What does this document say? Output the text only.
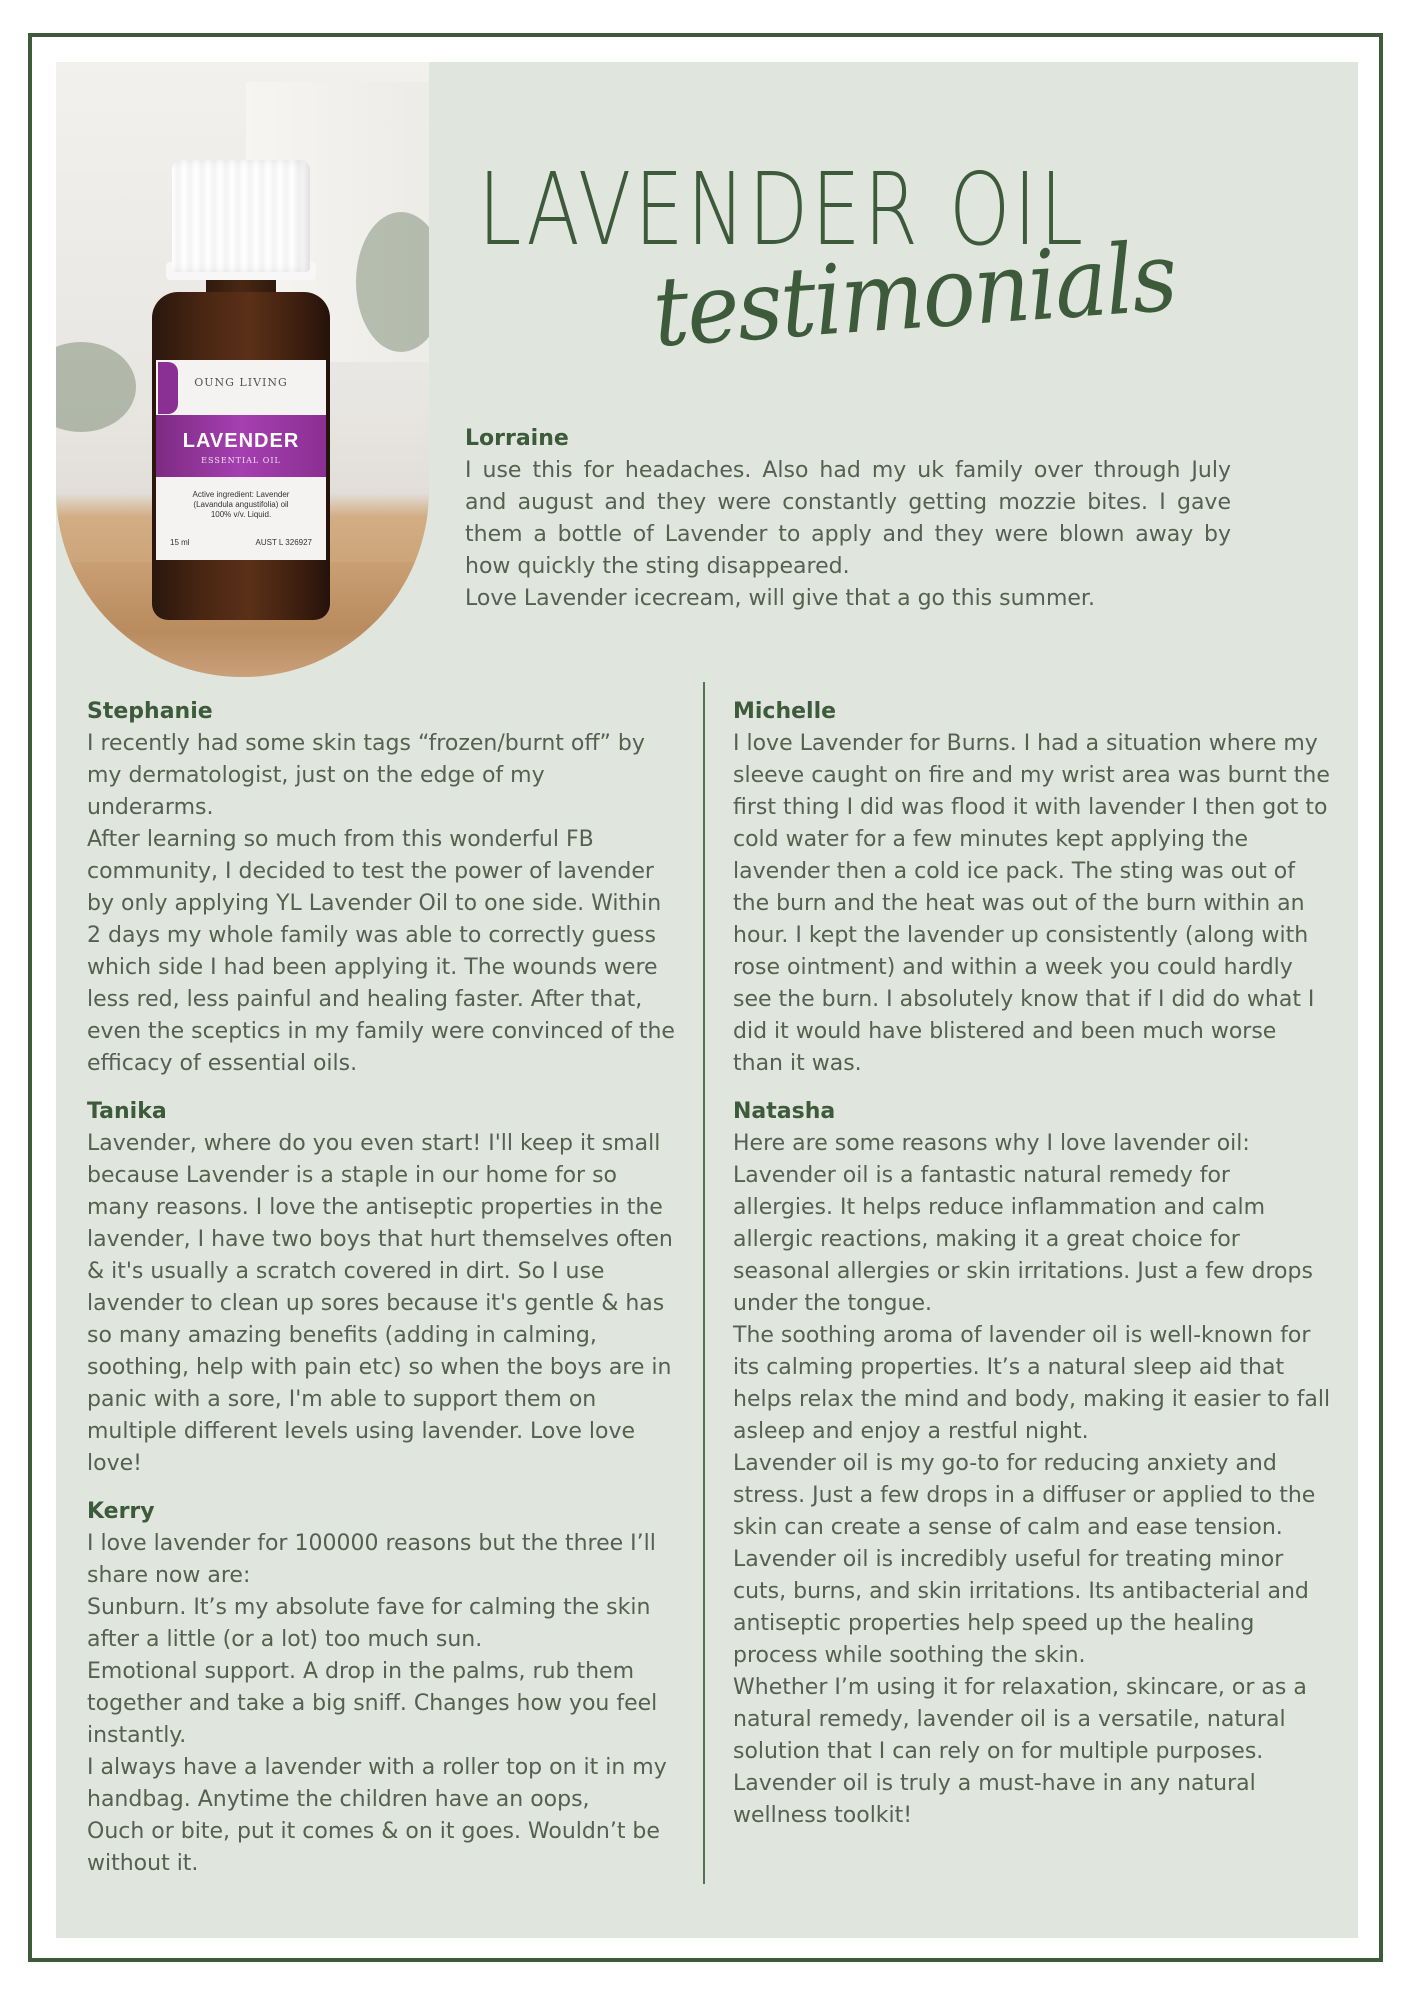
OUNG LIVING
LAVENDER
ESSENTIAL OIL
Active ingredient: Lavender
(Lavandula angustifolia) oil
100% v/v. Liquid.
15 ml	AUST L 326927
LAVENDER OIL
testimonials
Lorraine

I use this for headaches. Also had my uk family over through July and august and they were constantly getting mozzie bites. I gave them a bottle of Lavender to apply and they were blown away by how quickly the sting disappeared.

Love Lavender icecream, will give that a go this summer.

Stephanie

I recently had some skin tags “frozen/burnt off” by my dermatologist, just on the edge of my underarms.

After learning so much from this wonderful FB community, I decided to test the power of lavender by only applying YL Lavender Oil to one side. Within 2 days my whole family was able to correctly guess which side I had been applying it. The wounds were less red, less painful and healing faster. After that, even the sceptics in my family were convinced of the efficacy of essential oils.

Tanika

Lavender, where do you even start! I'll keep it small because Lavender is a staple in our home for so many reasons. I love the antiseptic properties in the lavender, I have two boys that hurt themselves often & it's usually a scratch covered in dirt. So I use lavender to clean up sores because it's gentle & has so many amazing benefits (adding in calming, soothing, help with pain etc) so when the boys are in panic with a sore, I'm able to support them on multiple different levels using lavender. Love love love!

Kerry

I love lavender for 100000 reasons but the three I’ll share now are:

Sunburn. It’s my absolute fave for calming the skin after a little (or a lot) too much sun.

Emotional support. A drop in the palms, rub them together and take a big sniff. Changes how you feel instantly.

I always have a lavender with a roller top on it in my handbag. Anytime the children have an oops,

Ouch or bite, put it comes & on it goes. Wouldn’t be without it.

Michelle

I love Lavender for Burns. I had a situation where my sleeve caught on fire and my wrist area was burnt the first thing I did was flood it with lavender I then got to cold water for a few minutes kept applying the lavender then a cold ice pack. The sting was out of the burn and the heat was out of the burn within an hour. I kept the lavender up consistently (along with rose ointment) and within a week you could hardly see the burn. I absolutely know that if I did do what I did it would have blistered and been much worse than it was.

Natasha

Here are some reasons why I love lavender oil:

Lavender oil is a fantastic natural remedy for allergies. It helps reduce inflammation and calm allergic reactions, making it a great choice for seasonal allergies or skin irritations. Just a few drops under the tongue.

The soothing aroma of lavender oil is well-known for its calming properties. It’s a natural sleep aid that helps relax the mind and body, making it easier to fall asleep and enjoy a restful night.

Lavender oil is my go-to for reducing anxiety and stress. Just a few drops in a diffuser or applied to the skin can create a sense of calm and ease tension.

Lavender oil is incredibly useful for treating minor cuts, burns, and skin irritations. Its antibacterial and antiseptic properties help speed up the healing process while soothing the skin.

Whether I’m using it for relaxation, skincare, or as a natural remedy, lavender oil is a versatile, natural solution that I can rely on for multiple purposes.

Lavender oil is truly a must-have in any natural wellness toolkit!
